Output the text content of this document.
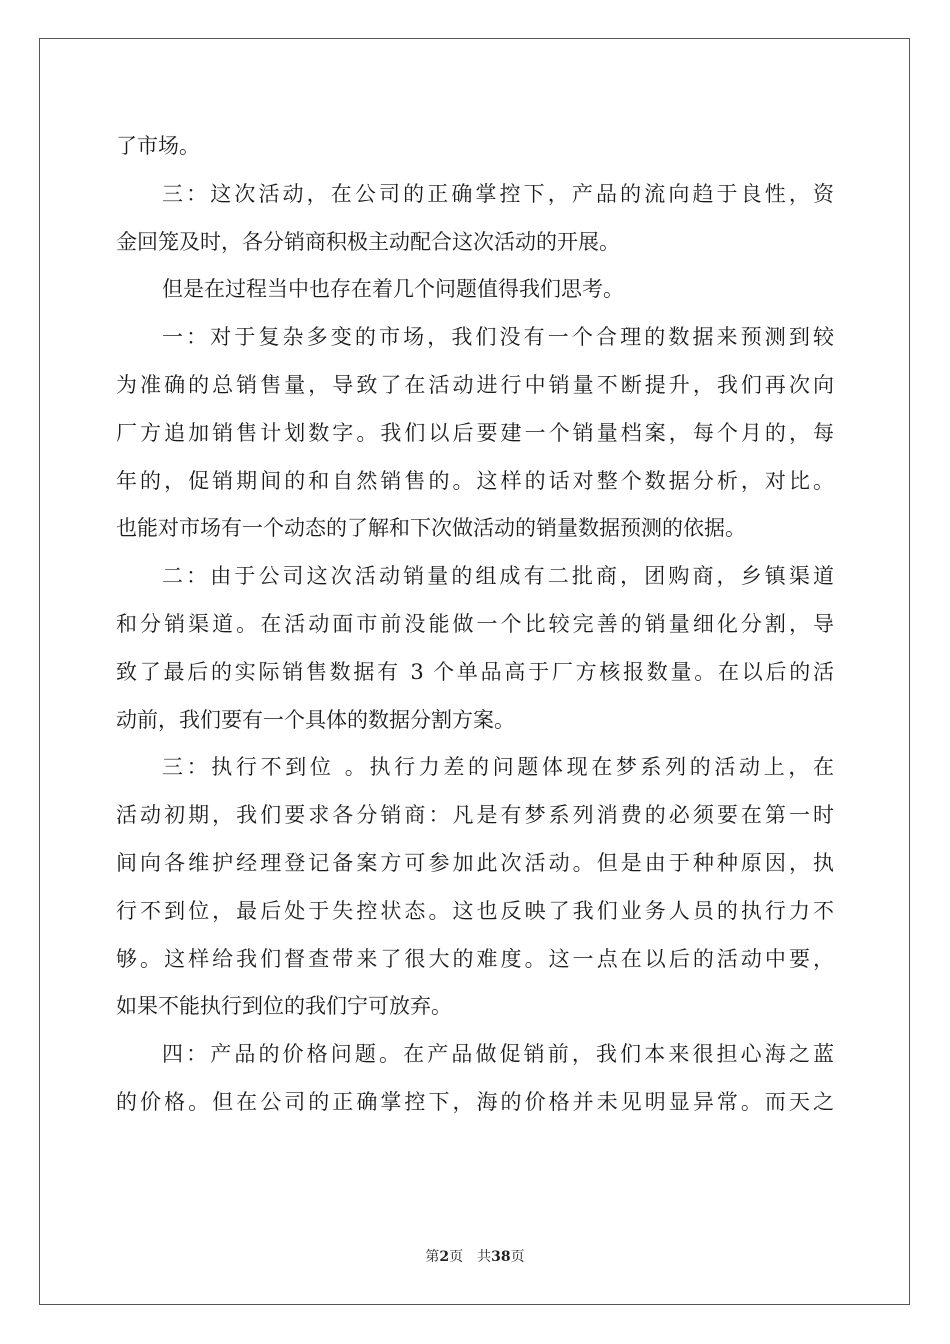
了市场。
三：这次活动，在公司的正确掌控下，产品的流向趋于良性，资
金回笼及时，各分销商积极主动配合这次活动的开展。
但是在过程当中也存在着几个问题值得我们思考。
一：对于复杂多变的市场，我们没有一个合理的数据来预测到较
为准确的总销售量，导致了在活动进行中销量不断提升，我们再次向
厂方追加销售计划数字。我们以后要建一个销量档案，每个月的，每
年的，促销期间的和自然销售的。这样的话对整个数据分析，对比。
也能对市场有一个动态的了解和下次做活动的销量数据预测的依据。
二：由于公司这次活动销量的组成有二批商，团购商，乡镇渠道
和分销渠道。在活动面市前没能做一个比较完善的销量细化分割，导
致了最后的实际销售数据有 3 个单品高于厂方核报数量。在以后的活
动前，我们要有一个具体的数据分割方案。
三：执行不到位 。执行力差的问题体现在梦系列的活动上，在
活动初期，我们要求各分销商：凡是有梦系列消费的必须要在第一时
间向各维护经理登记备案方可参加此次活动。但是由于种种原因，执
行不到位，最后处于失控状态。这也反映了我们业务人员的执行力不
够。这样给我们督查带来了很大的难度。这一点在以后的活动中要，
如果不能执行到位的我们宁可放弃。
四：产品的价格问题。在产品做促销前，我们本来很担心海之蓝
的价格。但在公司的正确掌控下，海的价格并未见明显异常。而天之
第2页 共38页
